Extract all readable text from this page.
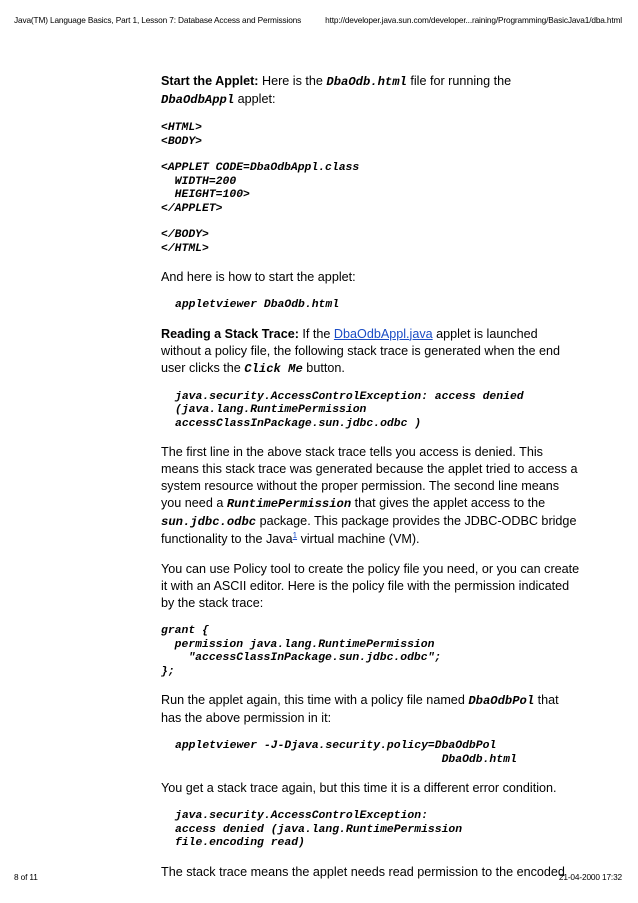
Java(TM) Language Basics, Part 1, Lesson 7: Database Access and Permissions	http://developer.java.sun.com/developer...raining/Programming/BasicJava1/dba.html

Start the Applet: Here is the DbaOdb.html file for running the DbaOdbAppl applet:

<HTML>
<BODY>
<APPLET CODE=DbaOdbAppl.class
WIDTH=200
HEIGHT=100>
</APPLET>
</BODY>
</HTML>

And here is how to start the applet:

appletviewer DbaOdb.html

Reading a Stack Trace: If the DbaOdbAppl.java applet is launched without a policy file, the following stack trace is generated when the end user clicks the Click Me button.

java.security.AccessControlException: access denied
(java.lang.RuntimePermission
accessClassInPackage.sun.jdbc.odbc )

The first line in the above stack trace tells you access is denied. This means this stack trace was generated because the applet tried to access a system resource without the proper permission. The second line means you need a RuntimePermission that gives the applet access to the sun.jdbc.odbc package. This package provides the JDBC-ODBC bridge functionality to the Java$^1$ virtual machine (VM).

You can use Policy tool to create the policy file you need, or you can create it with an ASCII editor. Here is the policy file with the permission indicated by the stack trace:

grant {
permission java.lang.RuntimePermission
"accessClassInPackage.sun.jdbc.odbc";
};

Run the applet again, this time with a policy file named DbaOdbPol that has the above permission in it:

appletviewer -J-Djava.security.policy=DbaOdbPol
DbaOdb.html

You get a stack trace again, but this time it is a different error condition.

java.security.AccessControlException:
access denied (java.lang.RuntimePermission
file.encoding read)

The stack trace means the applet needs read permission to the encoded

8 of 11	21-04-2000 17:32
